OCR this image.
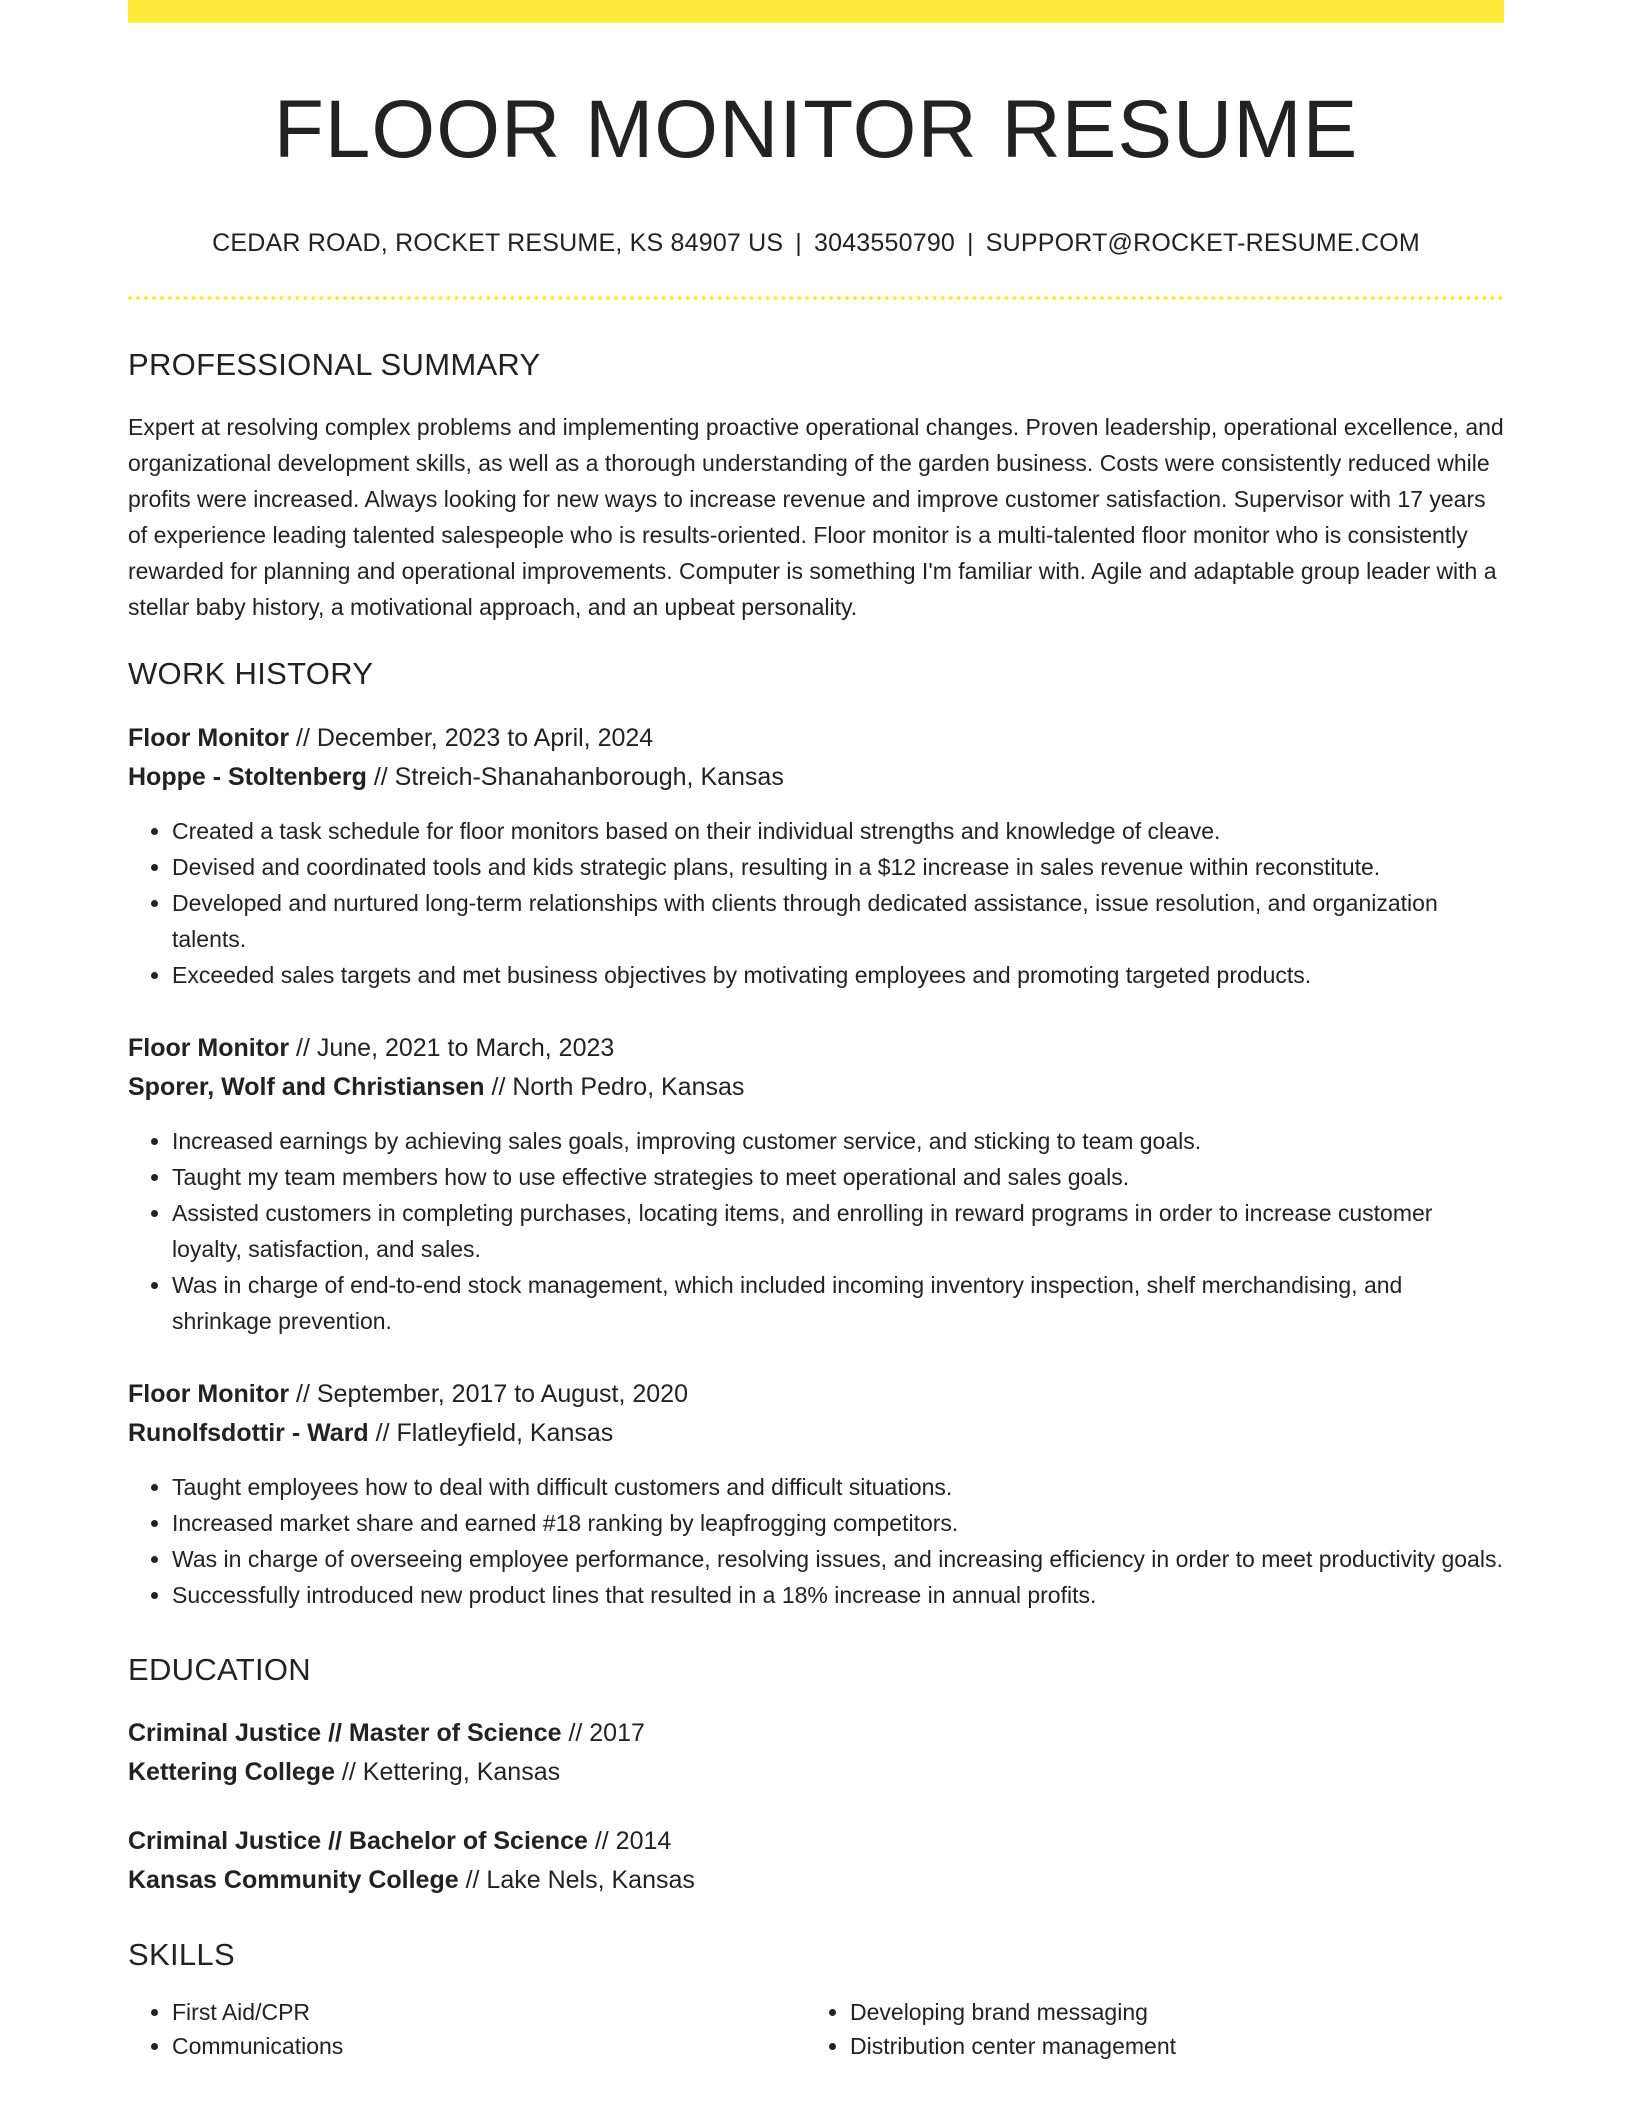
FLOOR MONITOR RESUME
CEDAR ROAD, ROCKET RESUME, KS 84907 US | 3043550790 | SUPPORT@ROCKET-RESUME.COM
PROFESSIONAL SUMMARY

Expert at resolving complex problems and implementing proactive operational changes. Proven leadership, operational excellence, and organizational development skills, as well as a thorough understanding of the garden business. Costs were consistently reduced while profits were increased. Always looking for new ways to increase revenue and improve customer satisfaction. Supervisor with 17 years of experience leading talented salespeople who is results-oriented. Floor monitor is a multi-talented floor monitor who is consistently rewarded for planning and operational improvements. Computer is something I'm familiar with. Agile and adaptable group leader with a stellar baby history, a motivational approach, and an upbeat personality.

WORK HISTORY
Floor Monitor // December, 2023 to April, 2024
Hoppe - Stoltenberg // Streich-Shanahanborough, Kansas
• Created a task schedule for floor monitors based on their individual strengths and knowledge of cleave.
• Devised and coordinated tools and kids strategic plans, resulting in a $12 increase in sales revenue within reconstitute.
• Developed and nurtured long-term relationships with clients through dedicated assistance, issue resolution, and organization talents.
• Exceeded sales targets and met business objectives by motivating employees and promoting targeted products.
Floor Monitor // June, 2021 to March, 2023
Sporer, Wolf and Christiansen // North Pedro, Kansas
• Increased earnings by achieving sales goals, improving customer service, and sticking to team goals.
• Taught my team members how to use effective strategies to meet operational and sales goals.
• Assisted customers in completing purchases, locating items, and enrolling in reward programs in order to increase customer loyalty, satisfaction, and sales.
• Was in charge of end-to-end stock management, which included incoming inventory inspection, shelf merchandising, and shrinkage prevention.
Floor Monitor // September, 2017 to August, 2020
Runolfsdottir - Ward // Flatleyfield, Kansas
• Taught employees how to deal with difficult customers and difficult situations.
• Increased market share and earned #18 ranking by leapfrogging competitors.
• Was in charge of overseeing employee performance, resolving issues, and increasing efficiency in order to meet productivity goals.
• Successfully introduced new product lines that resulted in a 18% increase in annual profits.
EDUCATION
Criminal Justice // Master of Science // 2017
Kettering College // Kettering, Kansas
Criminal Justice // Bachelor of Science // 2014
Kansas Community College // Lake Nels, Kansas
SKILLS
• First Aid/CPR
• Communications
• Developing brand messaging
• Distribution center management
